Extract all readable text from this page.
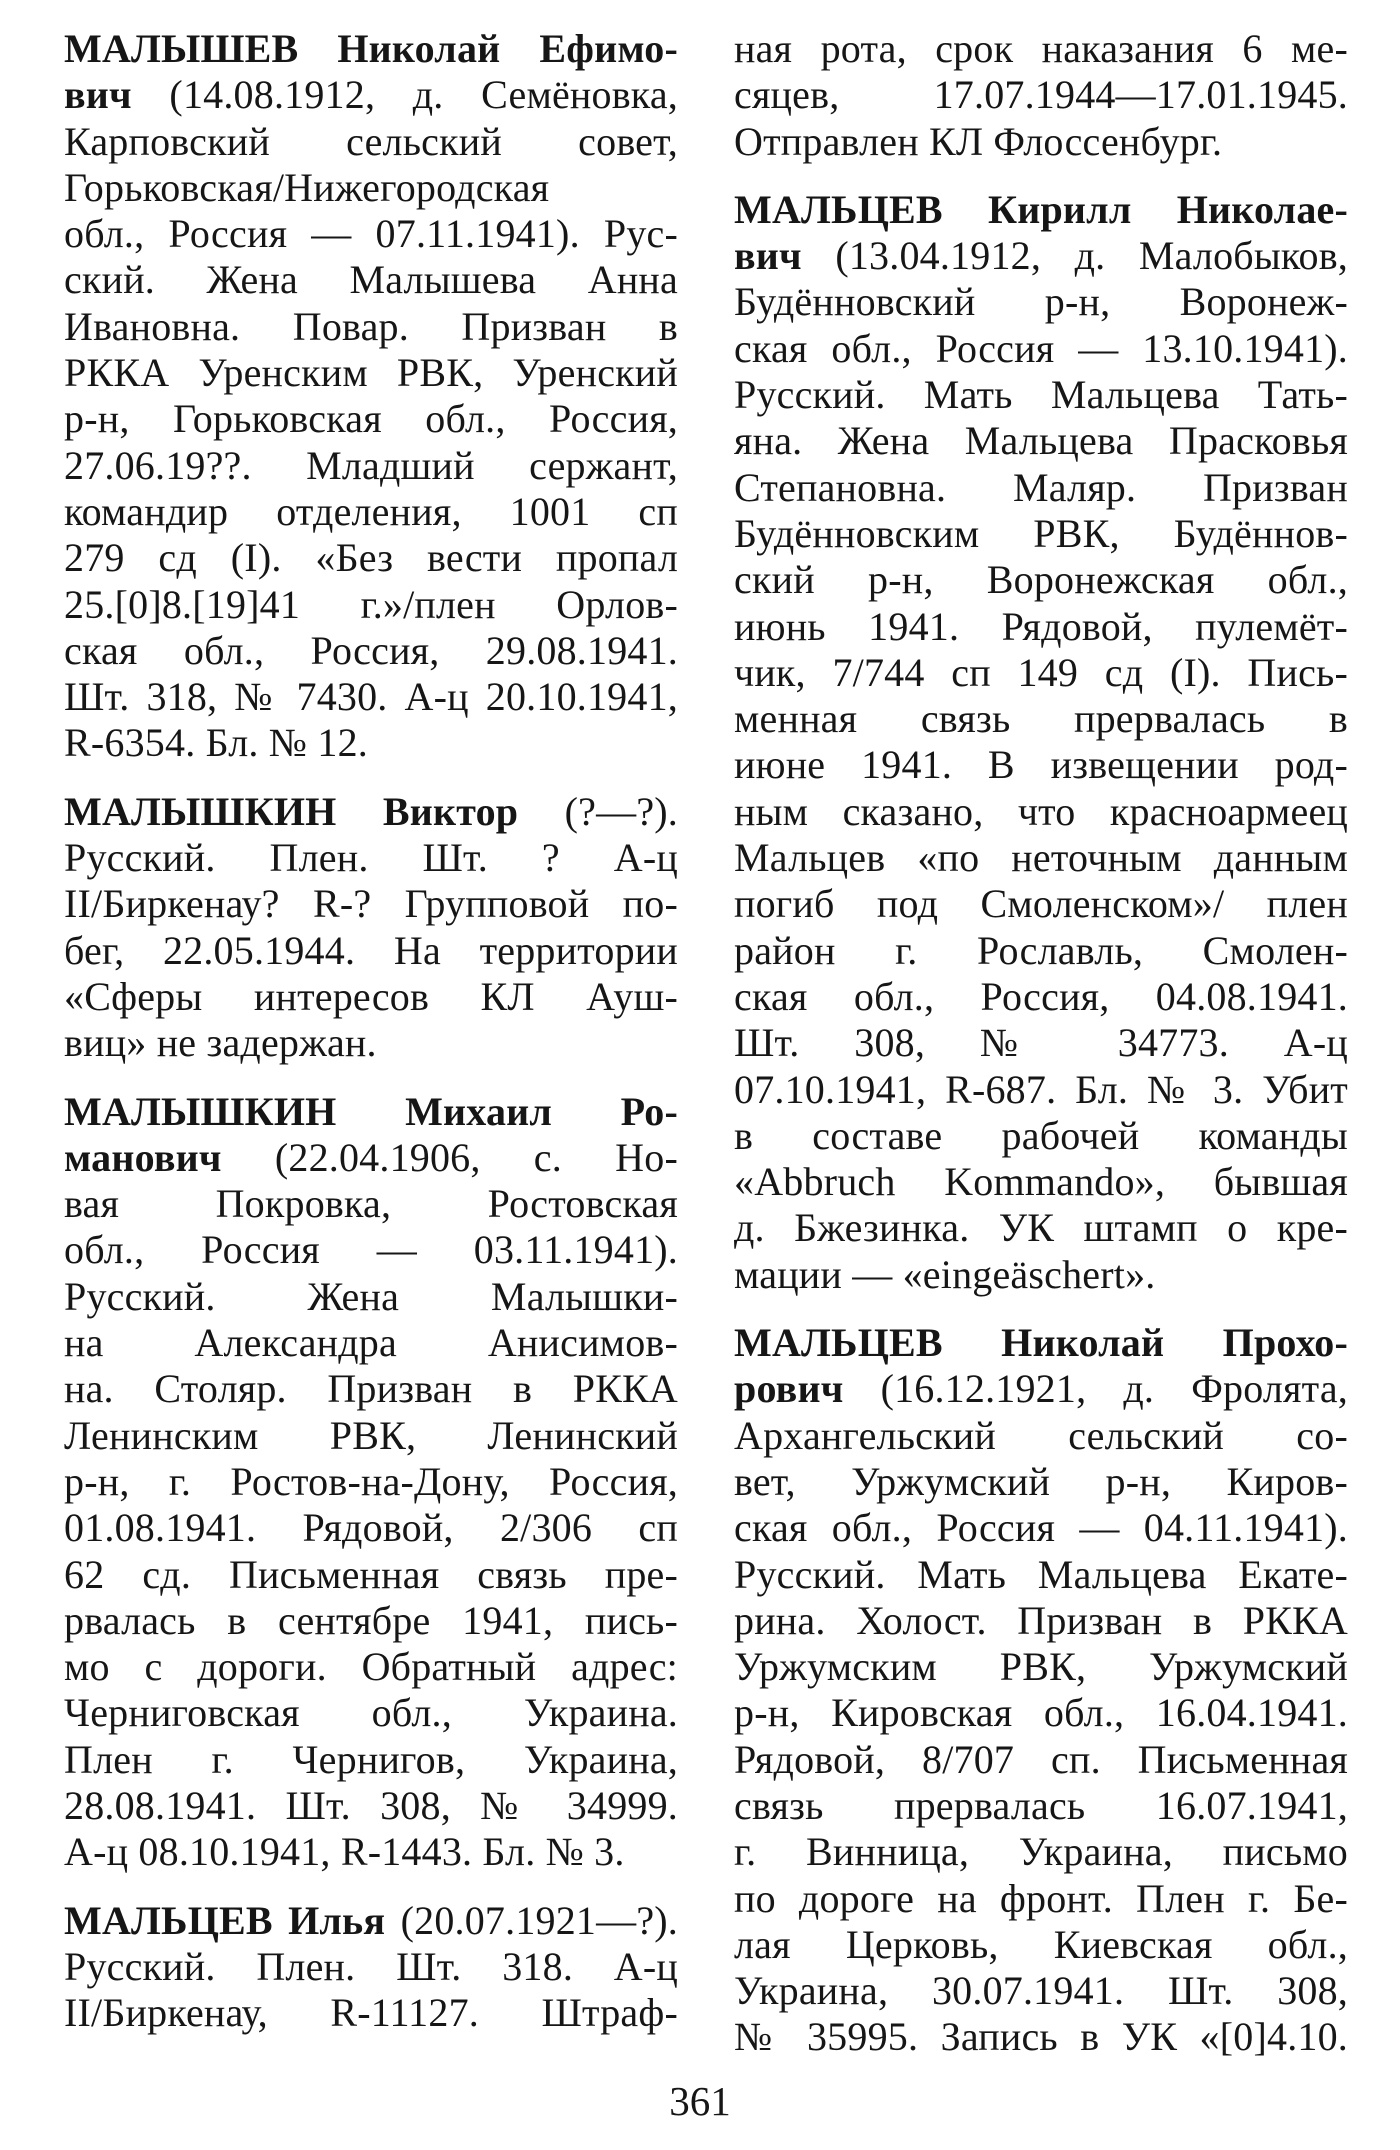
МАЛЫШЕВ Николай Ефимо-
вич (14.08.1912, д. Семёновка,
Карповский сельский совет,
Горьковская/Нижегородская
обл., Россия — 07.11.1941). Рус-
ский. Жена Малышева Анна
Ивановна. Повар. Призван в
РККА Уренским РВК, Уренский
р-н, Горьковская обл., Россия,
27.06.19??. Младший сержант,
командир отделения, 1001 сп
279 сд (I). «Без вести пропал
25.[0]8.[19]41 г.»/плен Орлов-
ская обл., Россия, 29.08.1941.
Шт. 318, № 7430. А-ц 20.10.1941,
R-6354. Бл. № 12.
МАЛЫШКИН Виктор (?—?).
Русский. Плен. Шт. ? А-ц
II/Биркенау? R-? Групповой по-
бег, 22.05.1944. На территории
«Сферы интересов КЛ Ауш-
виц» не задержан.
МАЛЫШКИН Михаил Ро-
манович (22.04.1906, с. Но-
вая Покровка, Ростовская
обл., Россия — 03.11.1941).
Русский. Жена Малышки-
на Александра Анисимов-
на. Столяр. Призван в РККА
Ленинским РВК, Ленинский
р-н, г. Ростов-на-Дону, Россия,
01.08.1941. Рядовой, 2/306 сп
62 сд. Письменная связь пре-
рвалась в сентябре 1941, пись-
мо с дороги. Обратный адрес:
Черниговская обл., Украина.
Плен г. Чернигов, Украина,
28.08.1941. Шт. 308, № 34999.
А-ц 08.10.1941, R-1443. Бл. № 3.
МАЛЬЦЕВ Илья (20.07.1921—?).
Русский. Плен. Шт. 318. А-ц
II/Биркенау, R-11127. Штраф-
ная рота, срок наказания 6 ме-
сяцев, 17.07.1944—17.01.1945.
Отправлен КЛ Флоссенбург.
МАЛЬЦЕВ Кирилл Николае-
вич (13.04.1912, д. Малобыков,
Будённовский р-н, Воронеж-
ская обл., Россия — 13.10.1941).
Русский. Мать Мальцева Тать-
яна. Жена Мальцева Прасковья
Степановна. Маляр. Призван
Будённовским РВК, Будённов-
ский р-н, Воронежская обл.,
июнь 1941. Рядовой, пулемёт-
чик, 7/744 сп 149 сд (I). Пись-
менная связь прервалась в
июне 1941. В извещении род-
ным сказано, что красноармеец
Мальцев «по неточным данным
погиб под Смоленском»/ плен
район г. Рославль, Смолен-
ская обл., Россия, 04.08.1941.
Шт. 308, № 34773. А-ц
07.10.1941, R-687. Бл. № 3. Убит
в составе рабочей команды
«Abbruch Kommando», бывшая
д. Бжезинка. УК штамп о кре-
мации — «eingeäschert».
МАЛЬЦЕВ Николай Прохо-
рович (16.12.1921, д. Фролята,
Архангельский сельский со-
вет, Уржумский р-н, Киров-
ская обл., Россия — 04.11.1941).
Русский. Мать Мальцева Екате-
рина. Холост. Призван в РККА
Уржумским РВК, Уржумский
р-н, Кировская обл., 16.04.1941.
Рядовой, 8/707 сп. Письменная
связь прервалась 16.07.1941,
г. Винница, Украина, письмо
по дороге на фронт. Плен г. Бе-
лая Церковь, Киевская обл.,
Украина, 30.07.1941. Шт. 308,
№ 35995. Запись в УК «[0]4.10.
361
